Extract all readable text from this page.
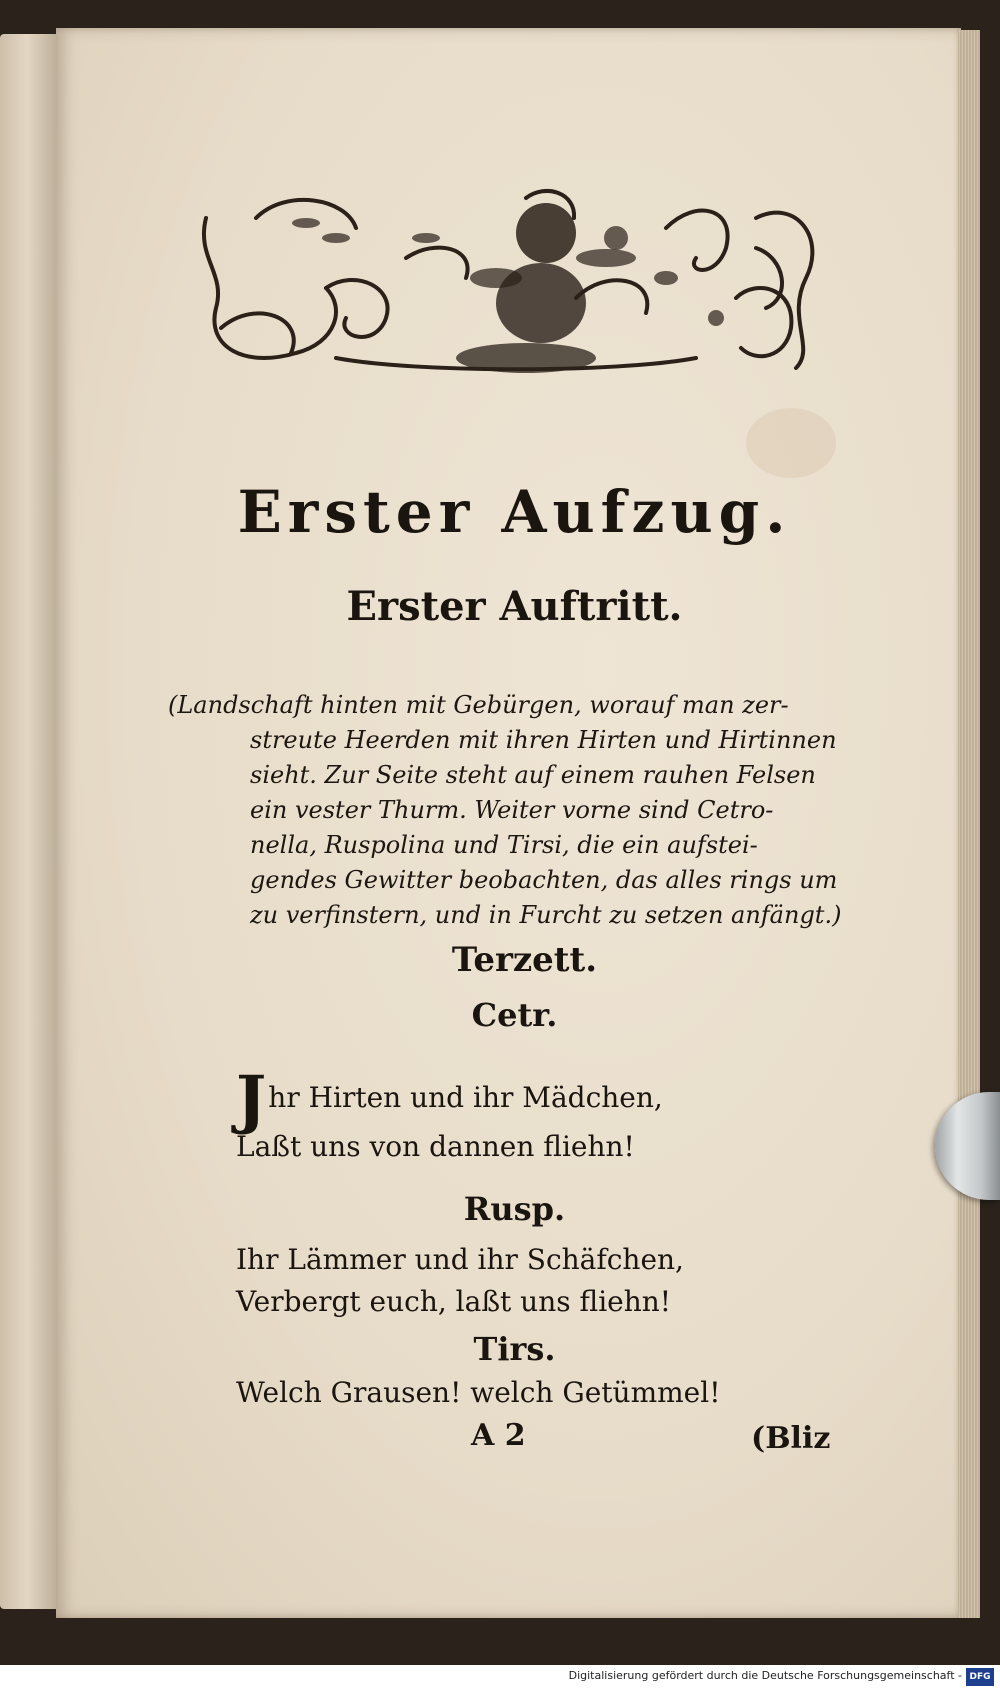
Erster Aufzug.
Erster Auftritt.
(Landschaft hinten mit Gebürgen, worauf man zer-
streute Heerden mit ihren Hirten und Hirtinnen
sieht. Zur Seite steht auf einem rauhen Felsen
ein vester Thurm. Weiter vorne sind Cetro-
nella, Ruspolina und Tirsi, die ein aufstei-
gendes Gewitter beobachten, das alles rings um
zu verfinstern, und in Furcht zu setzen anfängt.)
Terzett.
Cetr.
Jhr Hirten und ihr Mädchen,
Laßt uns von dannen fliehn!
Rusp.
Ihr Lämmer und ihr Schäfchen,
Verbergt euch, laßt uns fliehn!
Tirs.
Welch Grausen! welch Getümmel!
A 2	(Bliz
Digitalisierung gefördert durch die Deutsche Forschungsgemeinschaft - DFG
